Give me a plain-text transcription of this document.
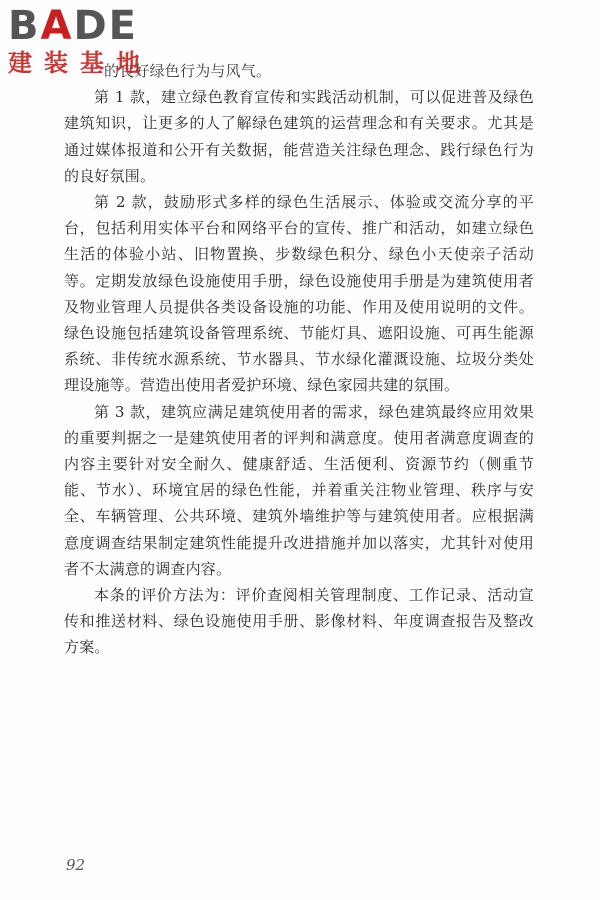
BADE
建装基地

的良好绿色行为与风气。

第 1 款，建立绿色教育宣传和实践活动机制，可以促进普及绿色建筑知识，让更多的人了解绿色建筑的运营理念和有关要求。尤其是通过媒体报道和公开有关数据，能营造关注绿色理念、践行绿色行为的良好氛围。

第 2 款，鼓励形式多样的绿色生活展示、体验或交流分享的平台，包括利用实体平台和网络平台的宣传、推广和活动，如建立绿色生活的体验小站、旧物置换、步数绿色积分、绿色小天使亲子活动等。定期发放绿色设施使用手册，绿色设施使用手册是为建筑使用者及物业管理人员提供各类设备设施的功能、作用及使用说明的文件。绿色设施包括建筑设备管理系统、节能灯具、遮阳设施、可再生能源系统、非传统水源系统、节水器具、节水绿化灌溉设施、垃圾分类处理设施等。营造出使用者爱护环境、绿色家园共建的氛围。

第 3 款，建筑应满足建筑使用者的需求，绿色建筑最终应用效果的重要判据之一是建筑使用者的评判和满意度。使用者满意度调查的内容主要针对安全耐久、健康舒适、生活便利、资源节约（侧重节能、节水）、环境宜居的绿色性能，并着重关注物业管理、秩序与安全、车辆管理、公共环境、建筑外墙维护等与建筑使用者。应根据满意度调查结果制定建筑性能提升改进措施并加以落实，尤其针对使用者不太满意的调查内容。

本条的评价方法为：评价查阅相关管理制度、工作记录、活动宣传和推送材料、绿色设施使用手册、影像材料、年度调查报告及整改方案。

92
